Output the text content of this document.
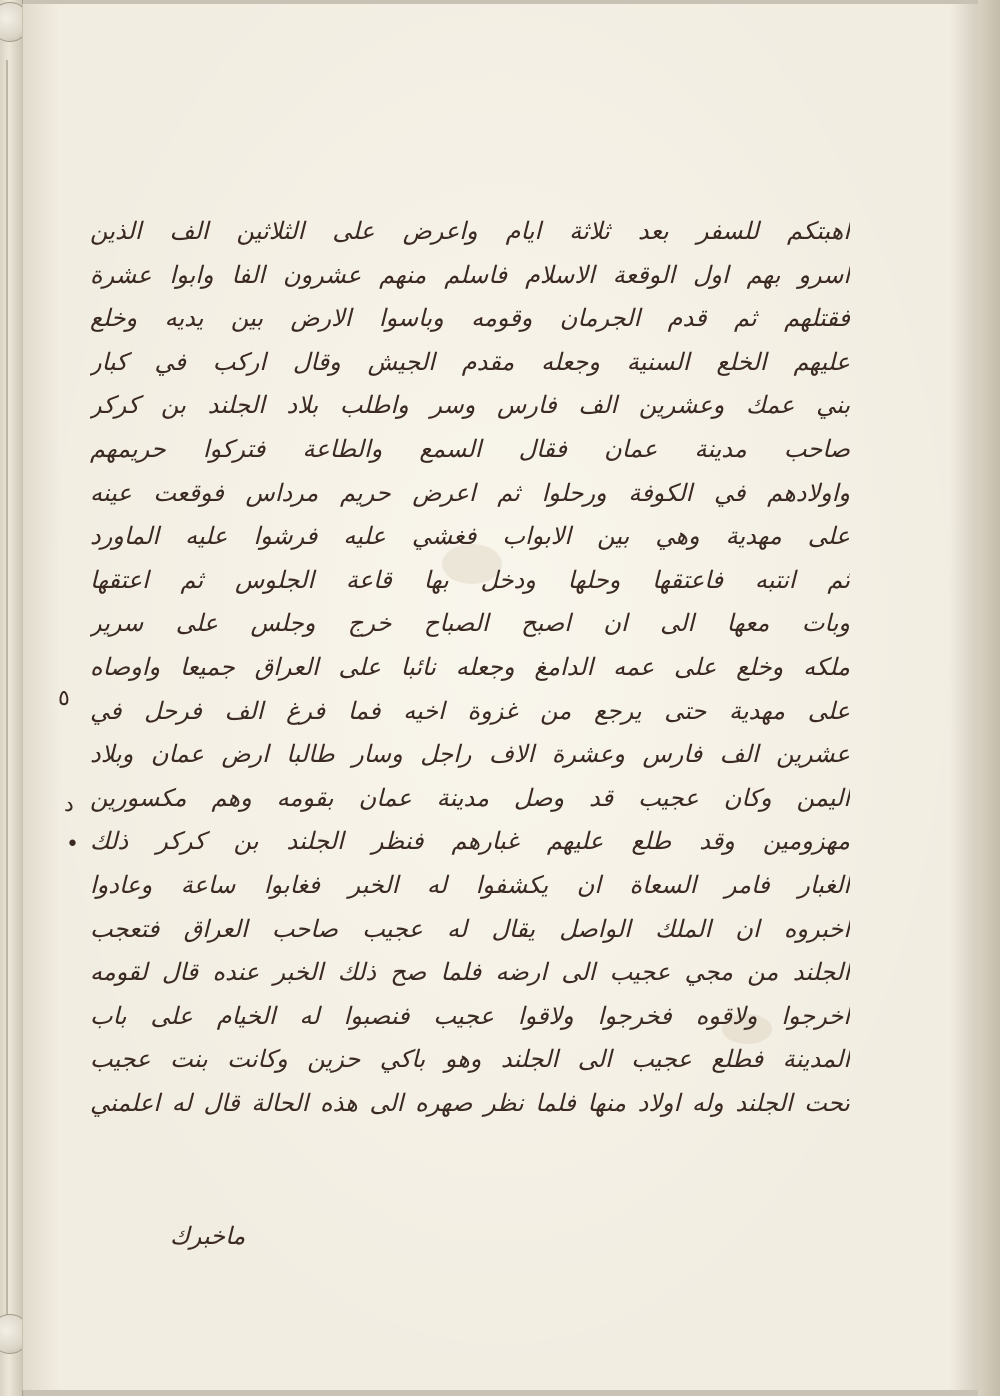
اهبتكم للسفر بعد ثلاثة ايام واعرض على الثلاثين الف الذين
اسرو بهم اول الوقعة الاسلام فاسلم منهم عشرون الفا وابوا عشرة
فقتلهم ثم قدم الجرمان وقومه وباسوا الارض بين يديه وخلع
عليهم الخلع السنية وجعله مقدم الجيش وقال اركب في كبار
بني عمك وعشرين الف فارس وسر واطلب بلاد الجلند بن كركر
صاحب مدينة عمان فقال السمع والطاعة فتركوا حريمهم
واولادهم في الكوفة ورحلوا ثم اعرض حريم مرداس فوقعت عينه
على مهدية وهي بين الابواب فغشي عليه فرشوا عليه الماورد
ثم انتبه فاعتقها وحلها ودخل بها قاعة الجلوس ثم اعتقها
وبات معها الى ان اصبح الصباح خرج وجلس على سرير
ملكه وخلع على عمه الدامغ وجعله نائبا على العراق جميعا واوصاه
على مهدية حتى يرجع من غزوة اخيه فما فرغ الف فرحل في
عشرين الف فارس وعشرة الاف راجل وسار طالبا ارض عمان وبلاد
اليمن وكان عجيب قد وصل مدينة عمان بقومه وهم مكسورين
مهزومين وقد طلع عليهم غبارهم فنظر الجلند بن كركر ذلك
الغبار فامر السعاة ان يكشفوا له الخبر فغابوا ساعة وعادوا
اخبروه ان الملك الواصل يقال له عجيب صاحب العراق فتعجب
الجلند من مجي عجيب الى ارضه فلما صح ذلك الخبر عنده قال لقومه
اخرجوا ولاقوه فخرجوا ولاقوا عجيب فنصبوا له الخيام على باب
المدينة فطلع عجيب الى الجلند وهو باكي حزين وكانت بنت عجيب
تحت الجلند وله اولاد منها فلما نظر صهره الى هذه الحالة قال له اعلمني
٥
د
•
ماخبرك
